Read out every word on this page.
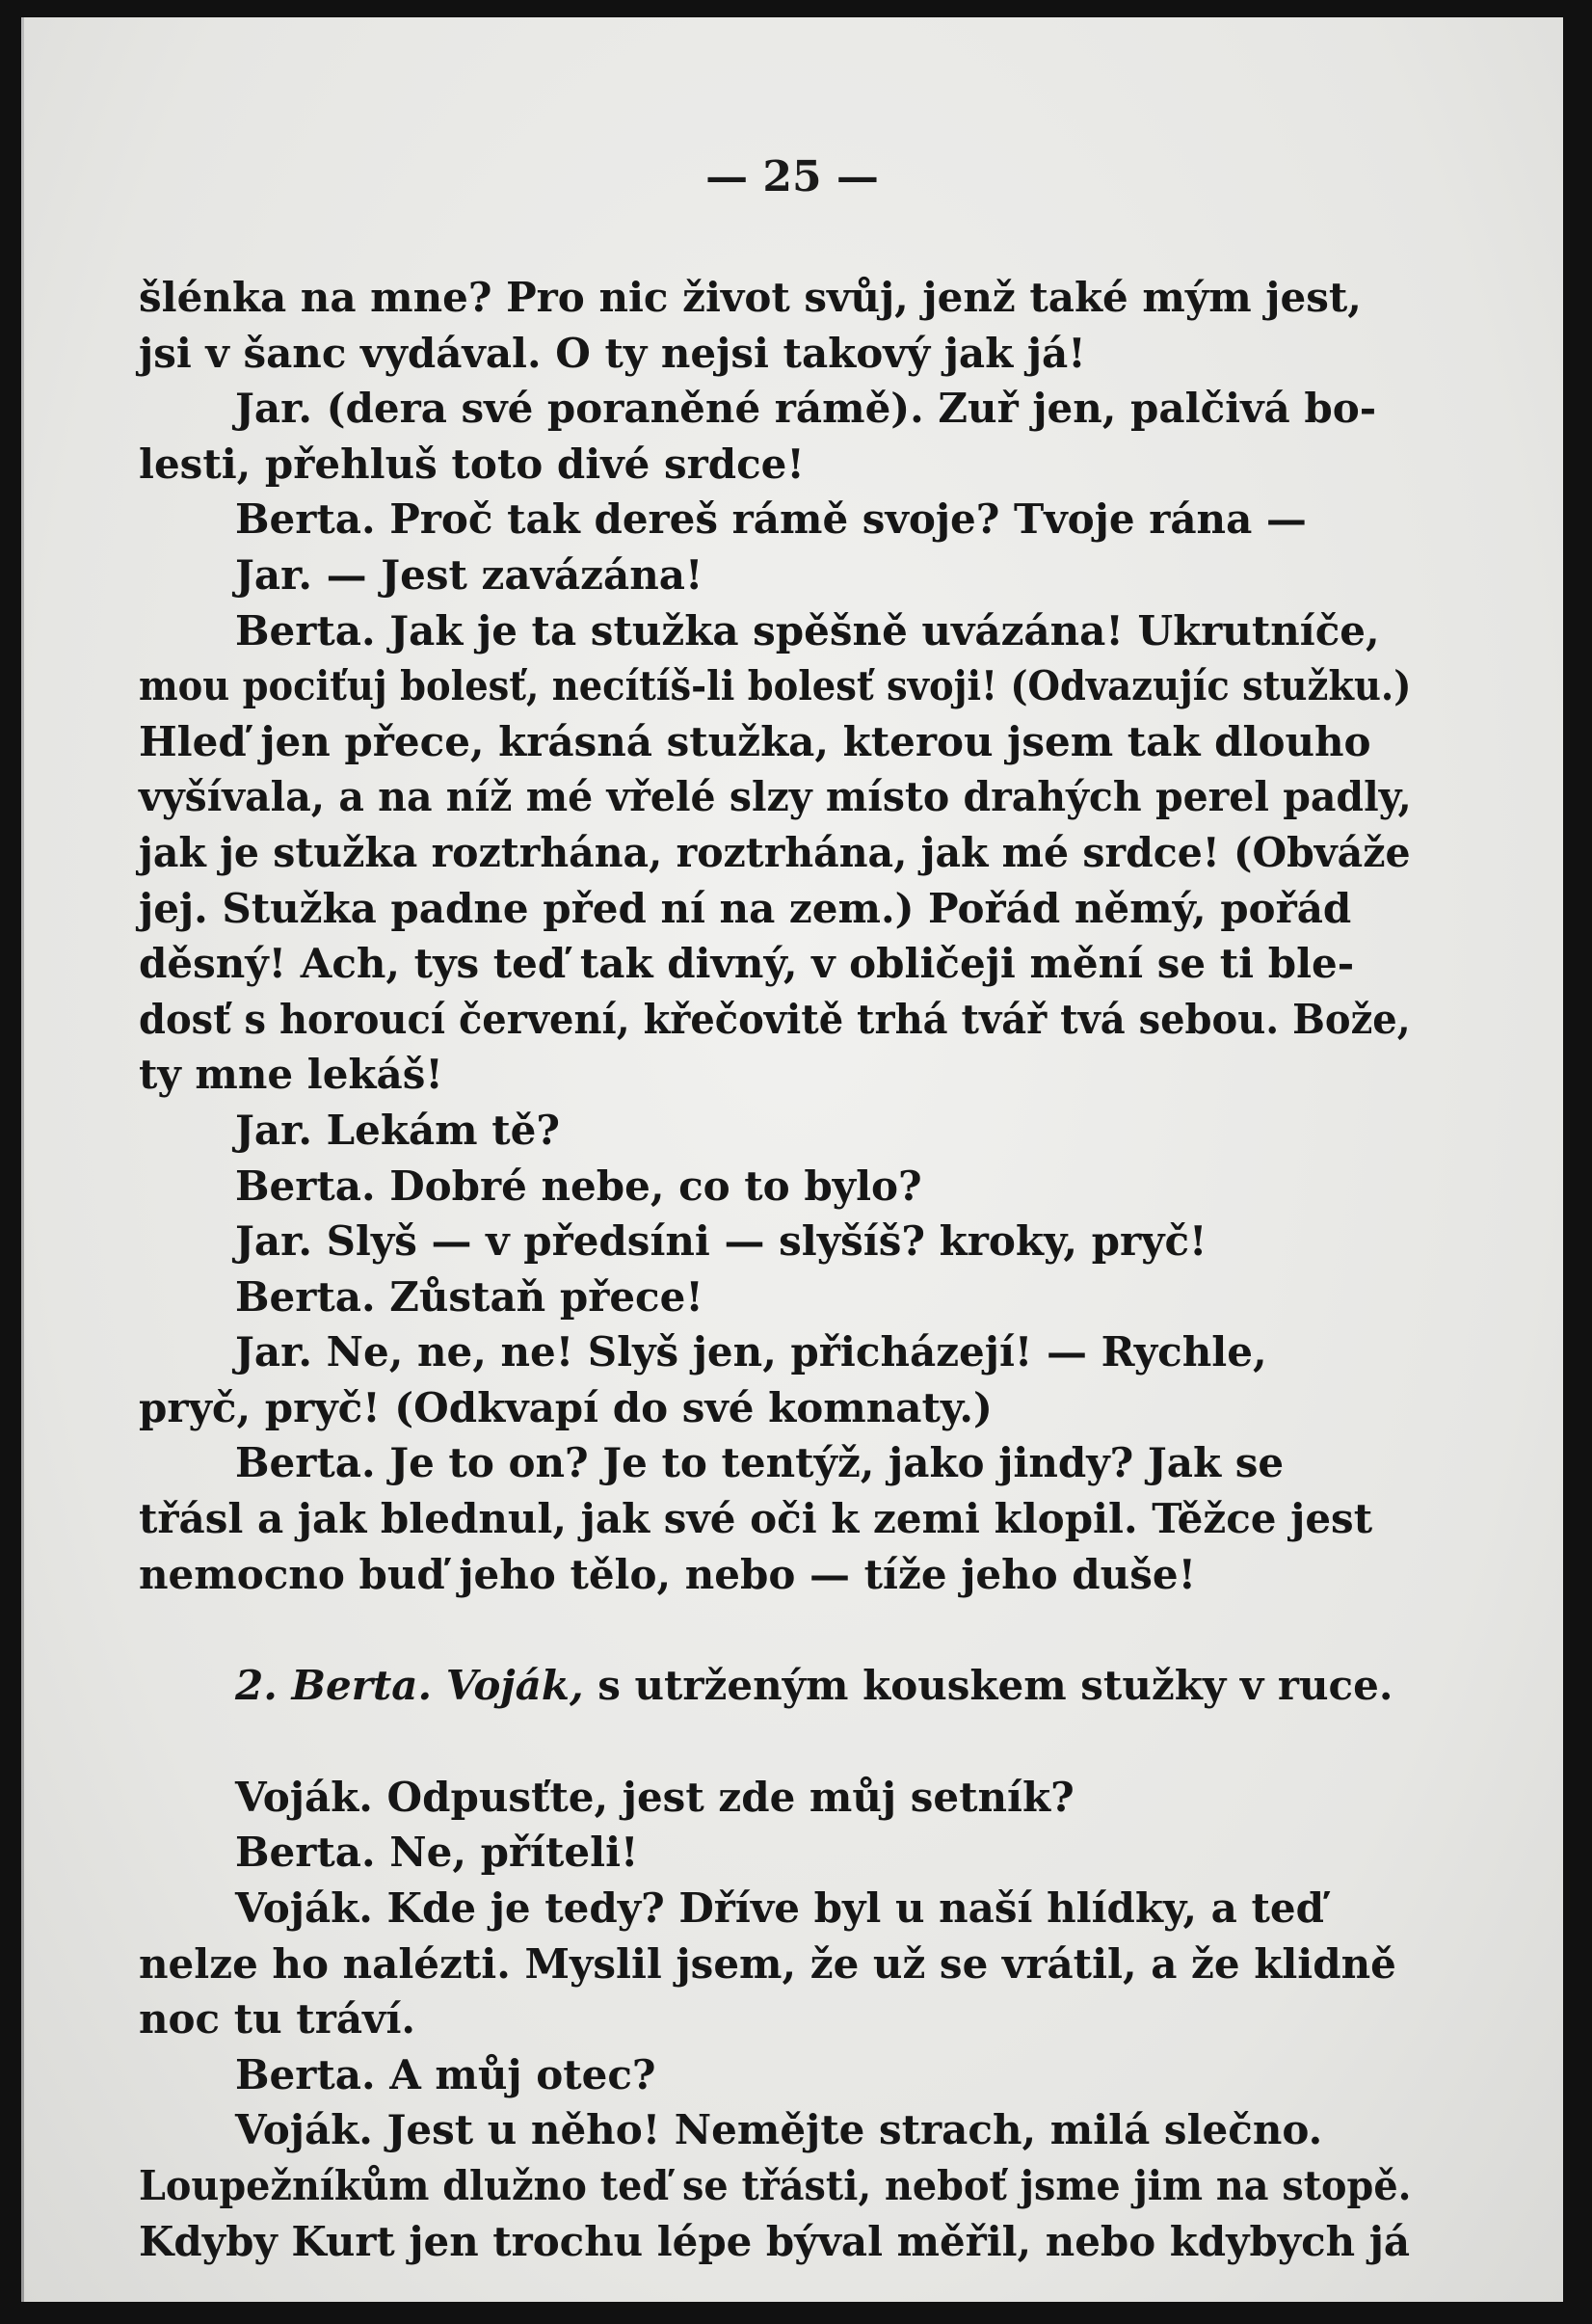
— 25 —
šlénka na mne? Pro nic život svůj, jenž také mým jest,
jsi v šanc vydával. O ty nejsi takový jak já!
Jar. (dera své poraněné rámě). Zuř jen, palčivá bo-
lesti, přehluš toto divé srdce!
Berta. Proč tak dereš rámě svoje? Tvoje rána —
Jar. — Jest zavázána!
Berta. Jak je ta stužka spěšně uvázána! Ukrutníče,
mou pociťuj bolesť, necítíš-li bolesť svoji! (Odvazujíc stužku.)
Hleď jen přece, krásná stužka, kterou jsem tak dlouho
vyšívala, a na níž mé vřelé slzy místo drahých perel padly,
jak je stužka roztrhána, roztrhána, jak mé srdce! (Obváže
jej. Stužka padne před ní na zem.) Pořád němý, pořád
děsný! Ach, tys teď tak divný, v obličeji mění se ti ble-
dosť s horoucí červení, křečovitě trhá tvář tvá sebou. Bože,
ty mne lekáš!
Jar. Lekám tě?
Berta. Dobré nebe, co to bylo?
Jar. Slyš — v předsíni — slyšíš? kroky, pryč!
Berta. Zůstaň přece!
Jar. Ne, ne, ne! Slyš jen, přicházejí! — Rychle,
pryč, pryč! (Odkvapí do své komnaty.)
Berta. Je to on? Je to tentýž, jako jindy? Jak se
třásl a jak blednul, jak své oči k zemi klopil. Těžce jest
nemocno buď jeho tělo, nebo — tíže jeho duše!
2. Berta. Voják, s utrženým kouskem stužky v ruce.
Voják. Odpusťte, jest zde můj setník?
Berta. Ne, příteli!
Voják. Kde je tedy? Dříve byl u naší hlídky, a teď
nelze ho nalézti. Myslil jsem, že už se vrátil, a že klidně
noc tu tráví.
Berta. A můj otec?
Voják. Jest u něho! Nemějte strach, milá slečno.
Loupežníkům dlužno teď se třásti, neboť jsme jim na stopě.
Kdyby Kurt jen trochu lépe býval měřil, nebo kdybych já
